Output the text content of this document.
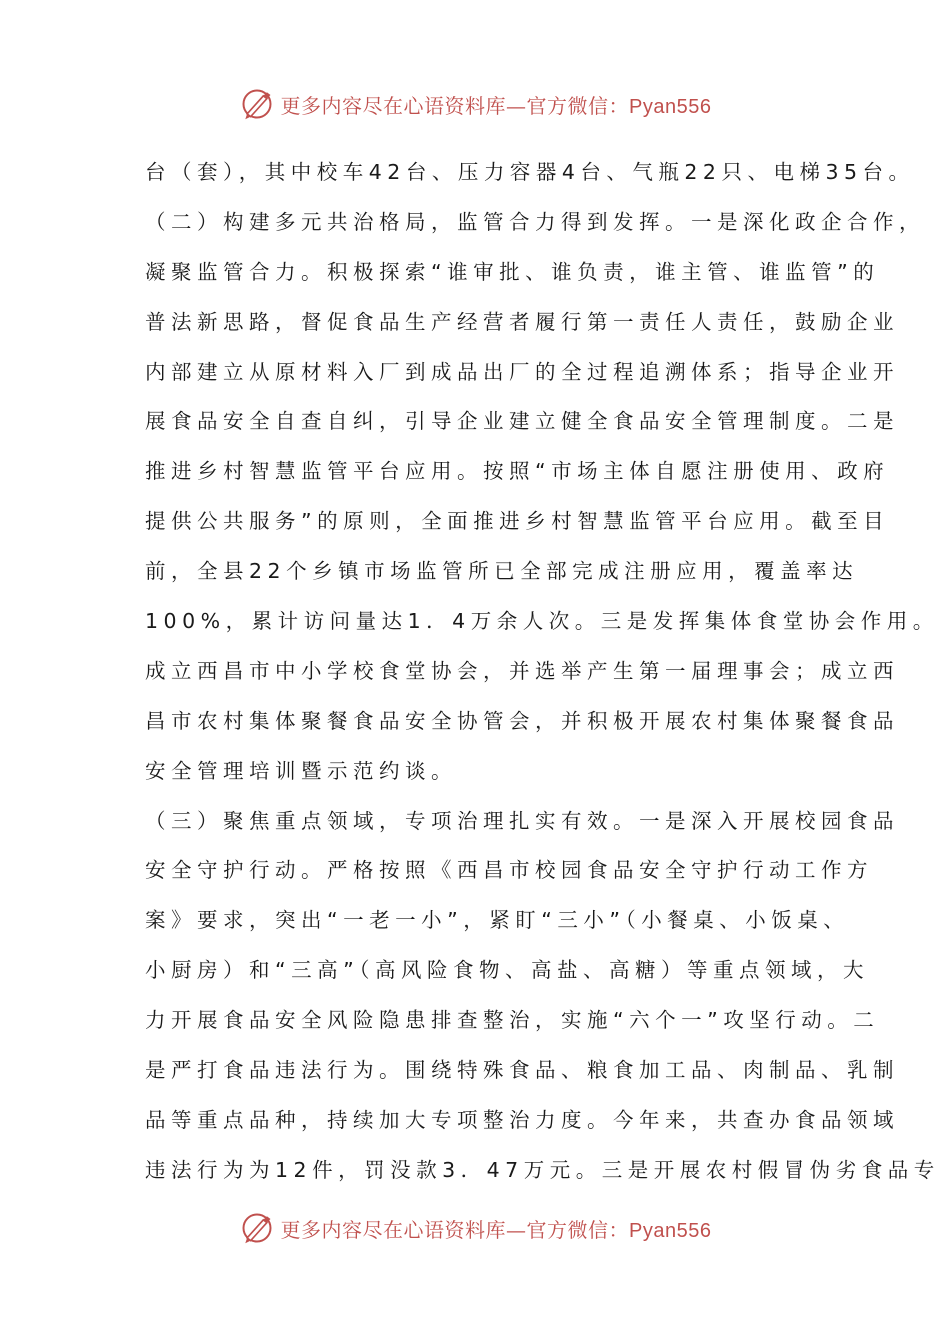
更多内容尽在心语资料库—官方微信：Pyan556
台（套），其中校车42台、压力容器4台、气瓶22只、电梯35台。
（二）构建多元共治格局，监管合力得到发挥。一是深化政企合作，
凝聚监管合力。积极探索“谁审批、谁负责，谁主管、谁监管”的
普法新思路，督促食品生产经营者履行第一责任人责任，鼓励企业
内部建立从原材料入厂到成品出厂的全过程追溯体系；指导企业开
展食品安全自查自纠，引导企业建立健全食品安全管理制度。二是
推进乡村智慧监管平台应用。按照“市场主体自愿注册使用、政府
提供公共服务”的原则，全面推进乡村智慧监管平台应用。截至目
前，全县22个乡镇市场监管所已全部完成注册应用，覆盖率达
100%，累计访问量达1．4万余人次。三是发挥集体食堂协会作用。
成立西昌市中小学校食堂协会，并选举产生第一届理事会；成立西
昌市农村集体聚餐食品安全协管会，并积极开展农村集体聚餐食品
安全管理培训暨示范约谈。
（三）聚焦重点领域，专项治理扎实有效。一是深入开展校园食品
安全守护行动。严格按照《西昌市校园食品安全守护行动工作方
案》要求，突出“一老一小”，紧盯“三小”（小餐桌、小饭桌、
小厨房）和“三高”（高风险食物、高盐、高糖）等重点领域，大
力开展食品安全风险隐患排查整治，实施“六个一”攻坚行动。二
是严打食品违法行为。围绕特殊食品、粮食加工品、肉制品、乳制
品等重点品种，持续加大专项整治力度。今年来，共查办食品领域
违法行为为12件，罚没款3．47万元。三是开展农村假冒伪劣食品专
更多内容尽在心语资料库—官方微信：Pyan556
